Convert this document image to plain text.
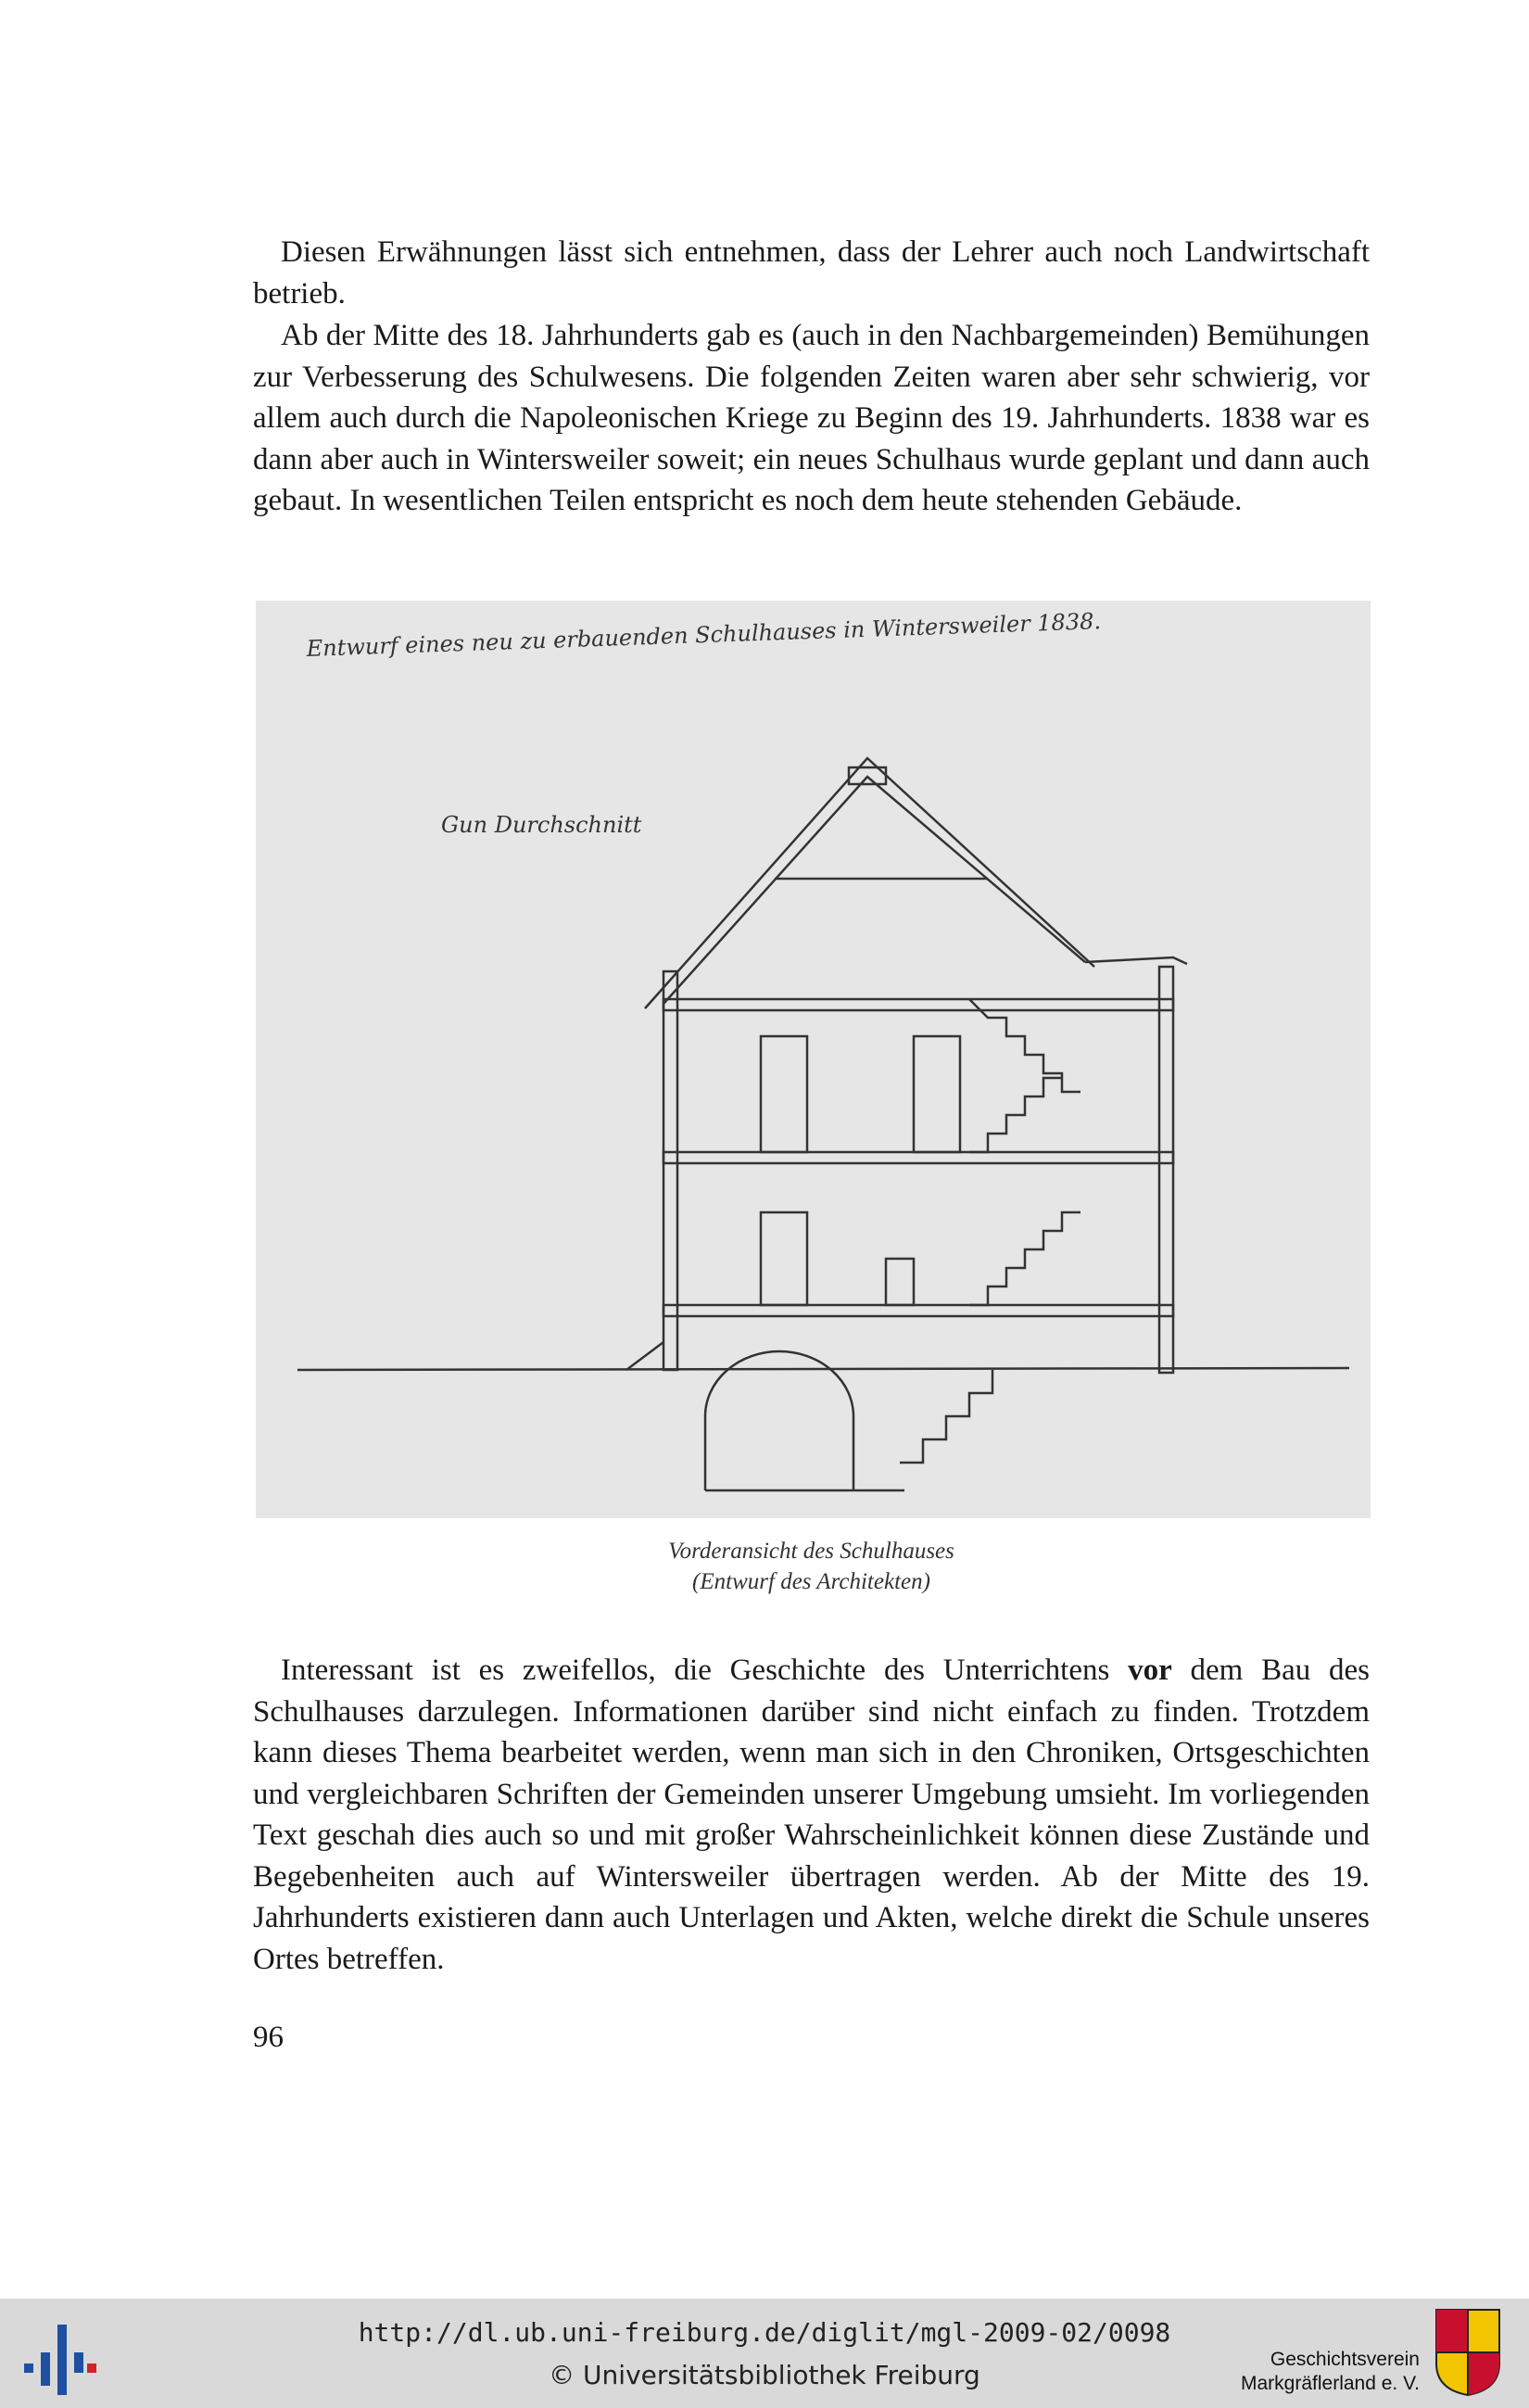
Diesen Erwähnungen lässt sich entnehmen, dass der Lehrer auch noch Landwirtschaft betrieb.

Ab der Mitte des 18. Jahrhunderts gab es (auch in den Nachbargemeinden) Bemühungen zur Verbesserung des Schulwesens. Die folgenden Zeiten waren aber sehr schwierig, vor allem auch durch die Napoleonischen Kriege zu Beginn des 19. Jahrhunderts. 1838 war es dann aber auch in Wintersweiler soweit; ein neues Schulhaus wurde geplant und dann auch gebaut. In wesentlichen Teilen entspricht es noch dem heute stehenden Gebäude.

Entwurf eines neu zu erbauenden Schulhauses in Wintersweiler 1838.
Gun Durchschnitt
Vorderansicht des Schulhauses
(Entwurf des Architekten)

Interessant ist es zweifellos, die Geschichte des Unterrichtens vor dem Bau des Schulhauses darzulegen. Informationen darüber sind nicht einfach zu finden. Trotzdem kann dieses Thema bearbeitet werden, wenn man sich in den Chroniken, Ortsgeschichten und vergleichbaren Schriften der Gemeinden unserer Umgebung umsieht. Im vorliegenden Text geschah dies auch so und mit großer Wahrscheinlichkeit können diese Zustände und Begebenheiten auch auf Wintersweiler übertragen werden. Ab der Mitte des 19. Jahrhunderts existieren dann auch Unterlagen und Akten, welche direkt die Schule unseres Ortes betreffen.

96
http://dl.ub.uni-freiburg.de/diglit/mgl-2009-02/0098
© Universitätsbibliothek Freiburg
Geschichtsverein
Markgräflerland e. V.
